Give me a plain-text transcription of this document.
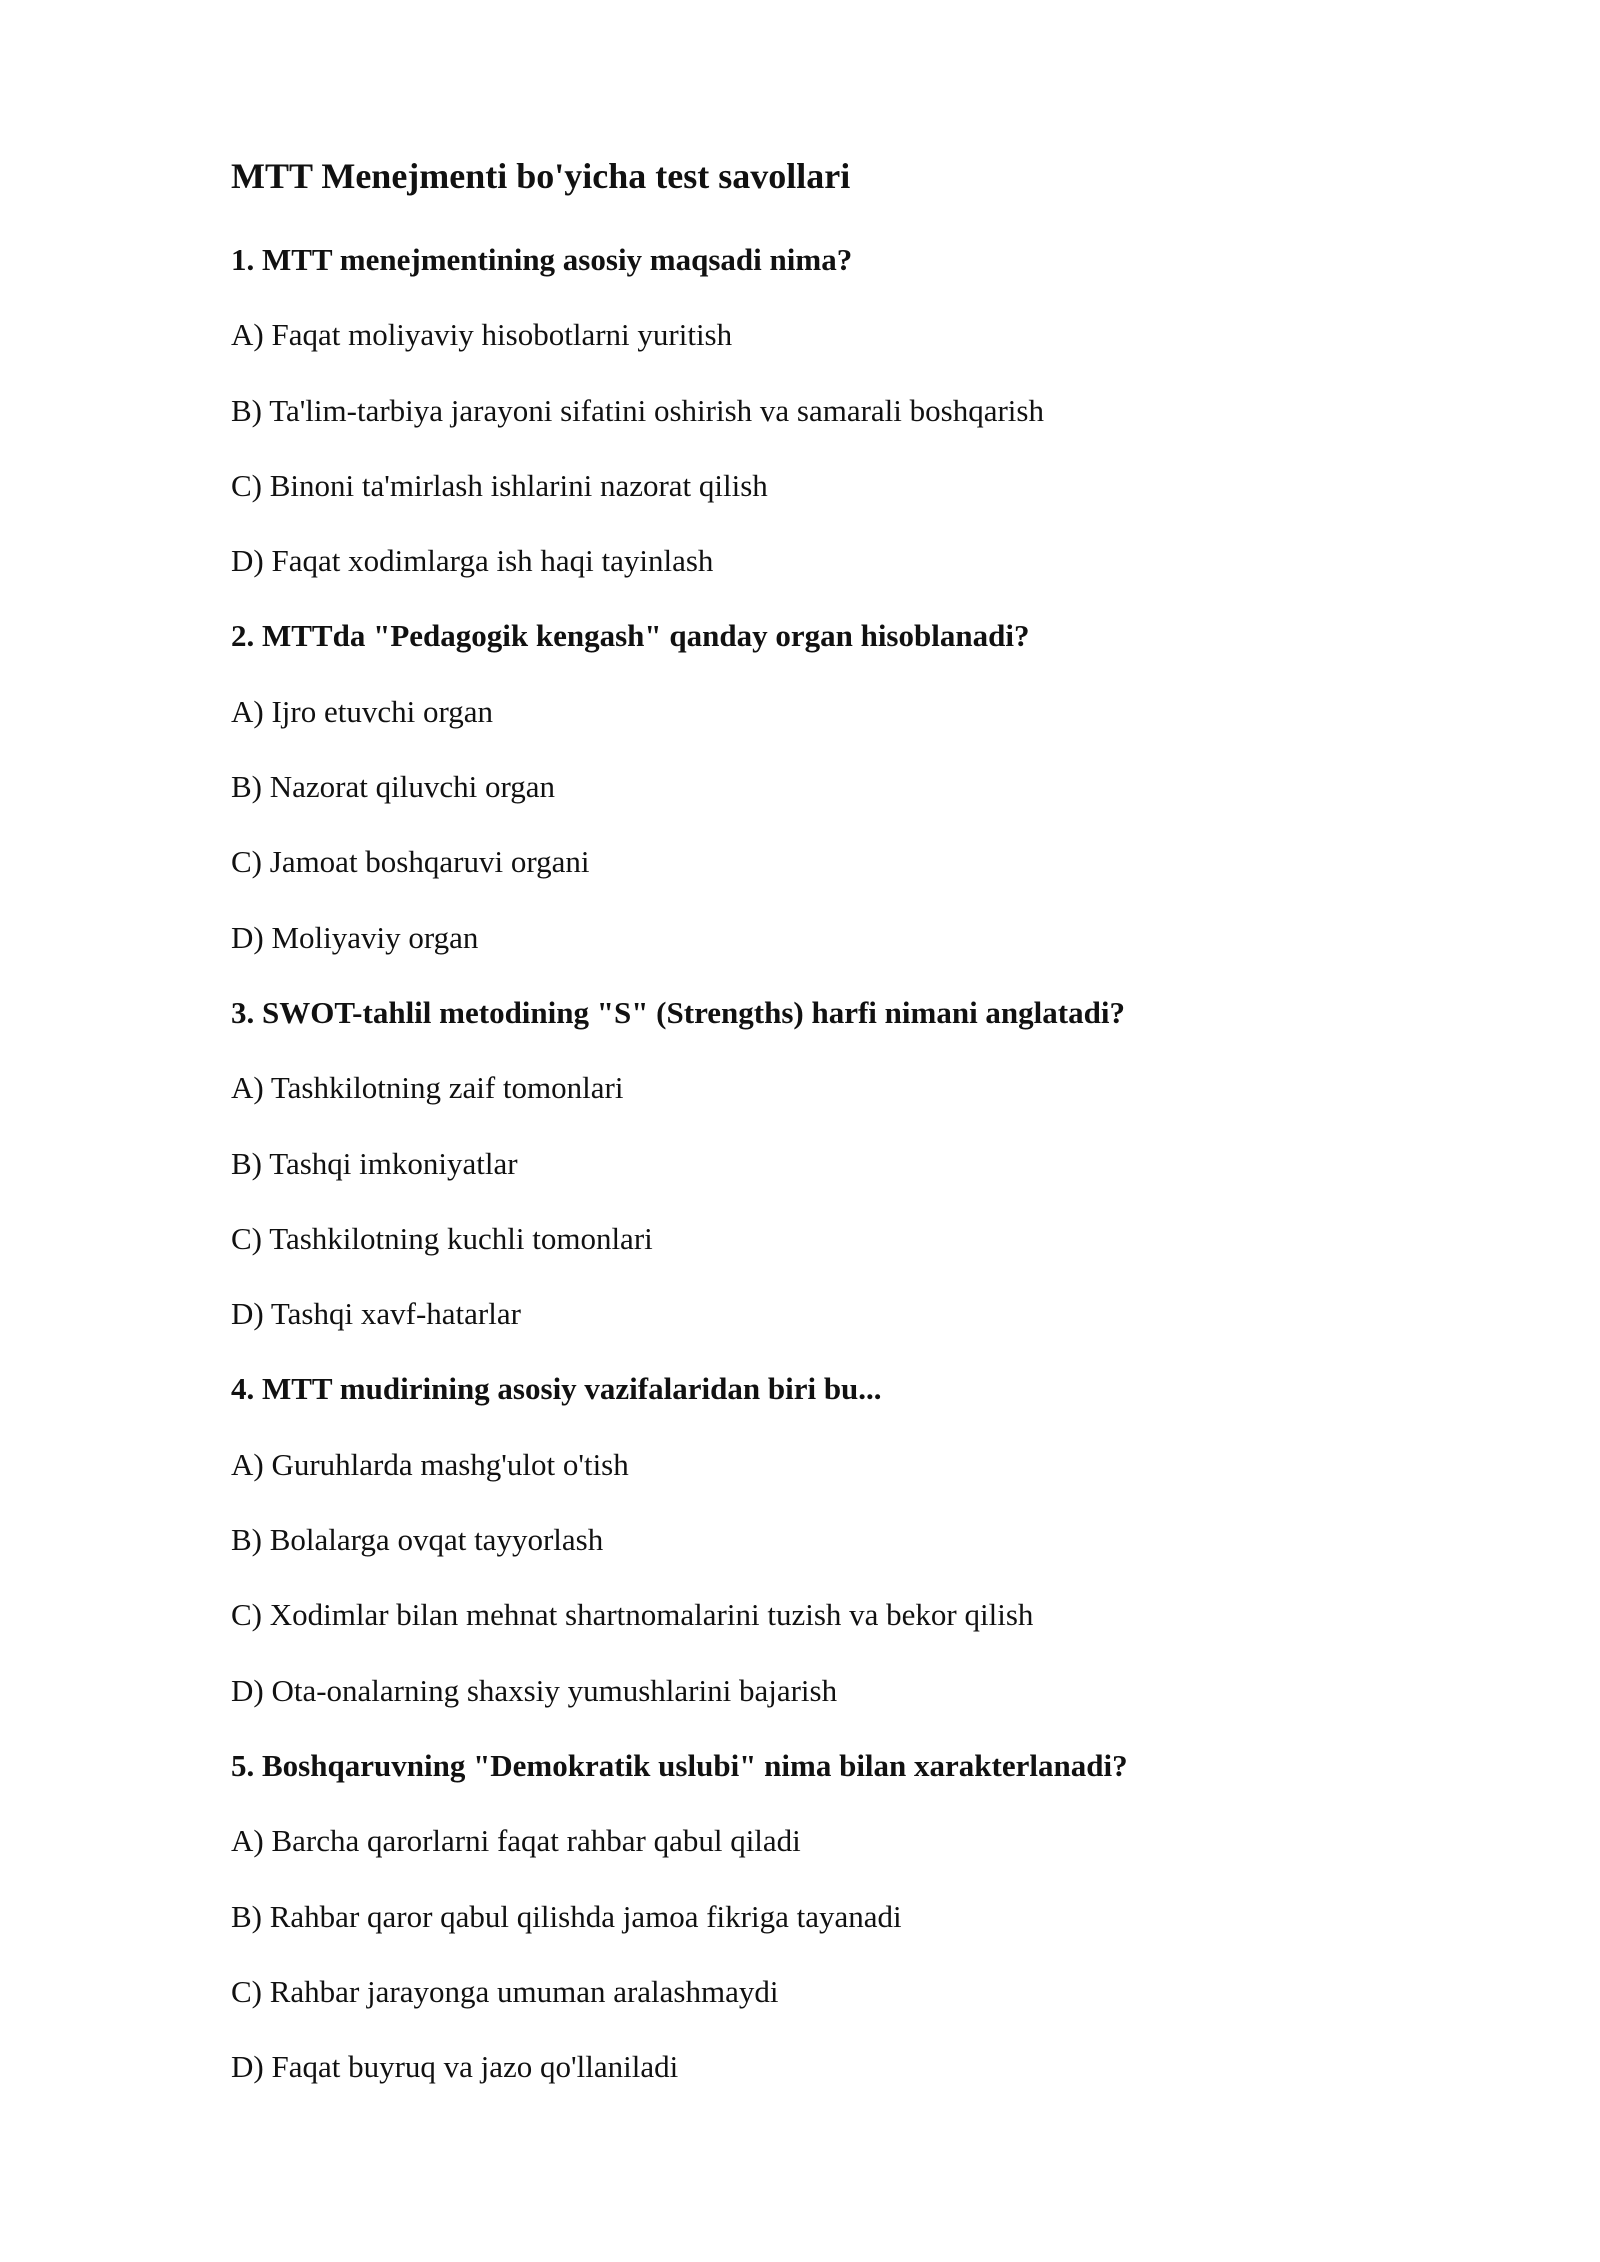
MTT Menejmenti bo'yicha test savollari
1. MTT menejmentining asosiy maqsadi nima?
A) Faqat moliyaviy hisobotlarni yuritish
B) Ta'lim-tarbiya jarayoni sifatini oshirish va samarali boshqarish
C) Binoni ta'mirlash ishlarini nazorat qilish
D) Faqat xodimlarga ish haqi tayinlash
2. MTTda "Pedagogik kengash" qanday organ hisoblanadi?
A) Ijro etuvchi organ
B) Nazorat qiluvchi organ
C) Jamoat boshqaruvi organi
D) Moliyaviy organ
3. SWOT-tahlil metodining "S" (Strengths) harfi nimani anglatadi?
A) Tashkilotning zaif tomonlari
B) Tashqi imkoniyatlar
C) Tashkilotning kuchli tomonlari
D) Tashqi xavf-hatarlar
4. MTT mudirining asosiy vazifalaridan biri bu...
A) Guruhlarda mashg'ulot o'tish
B) Bolalarga ovqat tayyorlash
C) Xodimlar bilan mehnat shartnomalarini tuzish va bekor qilish
D) Ota-onalarning shaxsiy yumushlarini bajarish
5. Boshqaruvning "Demokratik uslubi" nima bilan xarakterlanadi?
A) Barcha qarorlarni faqat rahbar qabul qiladi
B) Rahbar qaror qabul qilishda jamoa fikriga tayanadi
C) Rahbar jarayonga umuman aralashmaydi
D) Faqat buyruq va jazo qo'llaniladi
